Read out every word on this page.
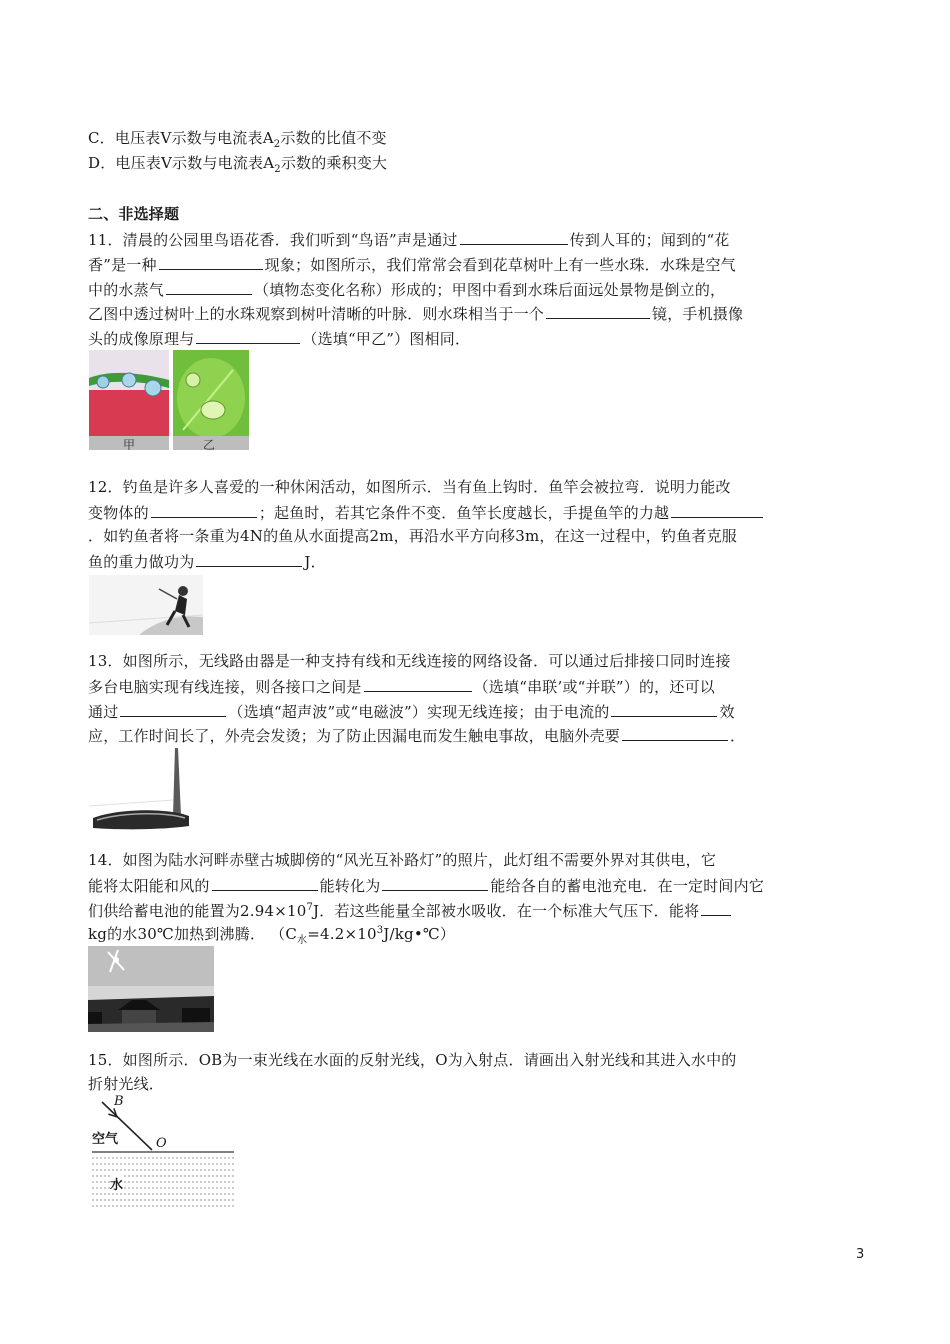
C．电压表V示数与电流表$A_2$示数的比值不变
D．电压表V示数与电流表$A_2$示数的乘积变大
二、非选择题
11．清晨的公园里鸟语花香．我们听到“鸟语”声是通过	传到人耳的；闻到的“花
香”是一种	现象；如图所示，我们常常会看到花草树叶上有一些水珠．水珠是空气
中的水蒸气	（填物态变化名称）形成的；甲图中看到水珠后面远处景物是倒立的，
乙图中透过树叶上的水珠观察到树叶清晰的叶脉．则水珠相当于一个	镜，手机摄像
头的成像原理与	（选填“甲乙”）图相同．
甲	乙
12．钓鱼是许多人喜爱的一种休闲活动，如图所示．当有鱼上钩时．鱼竿会被拉弯．说明力能改
变物体的	；起鱼时，若其它条件不变．鱼竿长度越长，手提鱼竿的力越
．如钓鱼者将一条重为4N的鱼从水面提高2m，再沿水平方向移3m，在这一过程中，钓鱼者克服
鱼的重力做功为	J．
13．如图所示，无线路由器是一种支持有线和无线连接的网络设备．可以通过后排接口同时连接
多台电脑实现有线连接，则各接口之间是	（选填“串联’或“并联”）的，还可以
通过	（选填“超声波”或“电磁波”）实现无线连接；由于电流的	效
应，工作时间长了，外壳会发烫；为了防止因漏电而发生触电事故，电脑外壳要	．
14．如图为陆水河畔赤壁古城脚傍的“风光互补路灯”的照片，此灯组不需要外界对其供电，它
能将太阳能和风的	能转化为	能给各自的蓄电池充电．在一定时间内它
们供给蓄电池的能置为$2.94\times 10^7J$．若这些能量全部被水吸收．在一个标准大气压下．能将
kg的水30℃加热到沸腾． $(C_水=4.2\times 10^3J/kg•℃)$
15．如图所示．OB为一束光线在水面的反射光线，O为入射点．请画出入射光线和其进入水中的
折射光线．
B
O
空气
水
3
